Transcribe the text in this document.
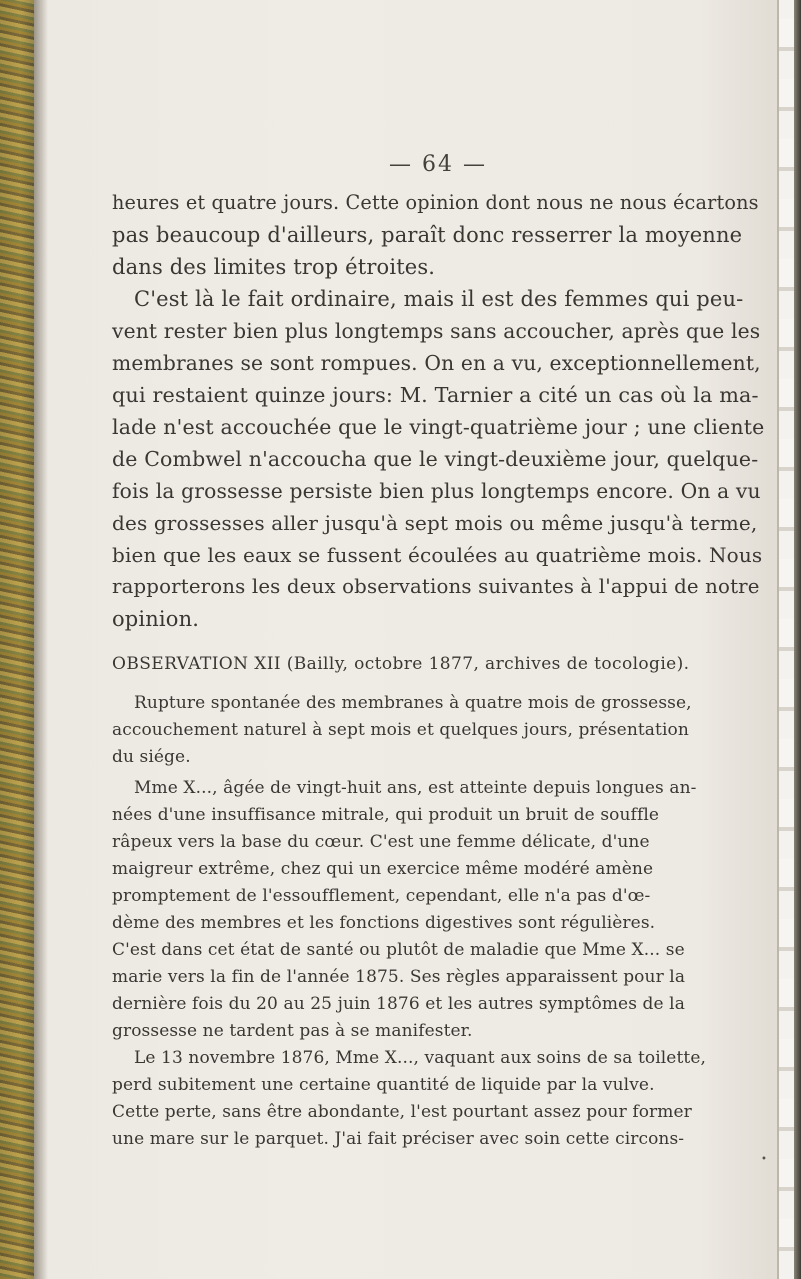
— 64 —
heures et quatre jours. Cette opinion dont nous ne nous écartons
pas beaucoup d'ailleurs, paraît donc resserrer la moyenne
dans des limites trop étroites.
C'est là le fait ordinaire, mais il est des femmes qui peu-
vent rester bien plus longtemps sans accoucher, après que les
membranes se sont rompues. On en a vu, exceptionnellement,
qui restaient quinze jours: M. Tarnier a cité un cas où la ma-
lade n'est accouchée que le vingt-quatrième jour ; une cliente
de Combwel n'accoucha que le vingt-deuxième jour, quelque-
fois la grossesse persiste bien plus longtemps encore. On a vu
des grossesses aller jusqu'à sept mois ou même jusqu'à terme,
bien que les eaux se fussent écoulées au quatrième mois. Nous
rapporterons les deux observations suivantes à l'appui de notre
opinion.
OBSERVATION XII (Bailly, octobre 1877, archives de tocologie).
Rupture spontanée des membranes à quatre mois de grossesse,
accouchement naturel à sept mois et quelques jours, présentation
du siége.
Mme X..., âgée de vingt-huit ans, est atteinte depuis longues an-
nées d'une insuffisance mitrale, qui produit un bruit de souffle
râpeux vers la base du cœur. C'est une femme délicate, d'une
maigreur extrême, chez qui un exercice même modéré amène
promptement de l'essoufflement, cependant, elle n'a pas d'œ-
dème des membres et les fonctions digestives sont régulières.
C'est dans cet état de santé ou plutôt de maladie que Mme X... se
marie vers la fin de l'année 1875. Ses règles apparaissent pour la
dernière fois du 20 au 25 juin 1876 et les autres symptômes de la
grossesse ne tardent pas à se manifester.
Le 13 novembre 1876, Mme X..., vaquant aux soins de sa toilette,
perd subitement une certaine quantité de liquide par la vulve.
Cette perte, sans être abondante, l'est pourtant assez pour former
une mare sur le parquet. J'ai fait préciser avec soin cette circons-
•
